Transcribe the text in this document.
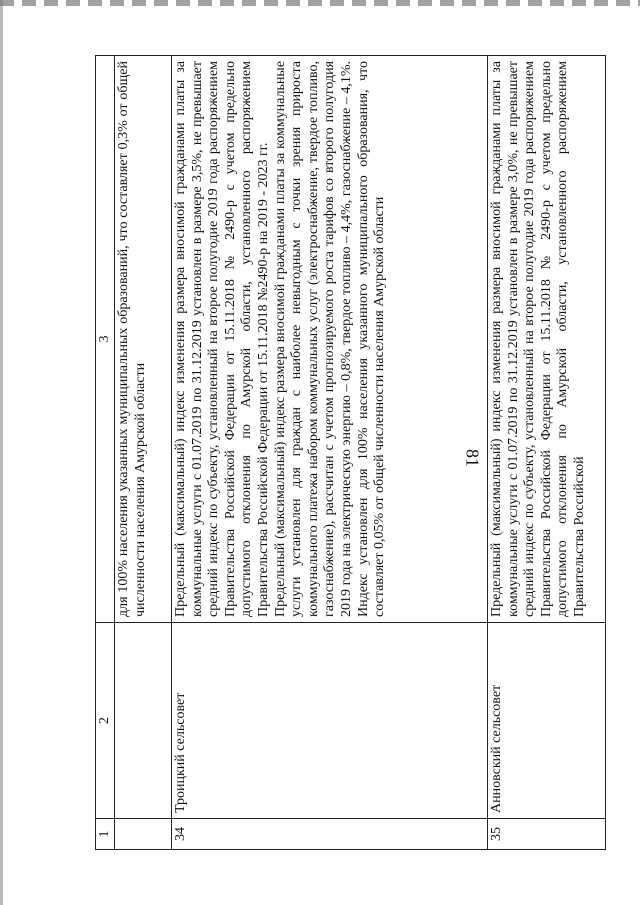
81
1	2	3

		для 100% населения указанных муниципальных образований, что составляет 0,3% от общей численности населения Амурской области

34	Троицкий сельсовет	Предельный (максимальный) индекс изменения размера вносимой гражданами платы за коммунальные услуги с 01.07.2019 по 31.12.2019 установлен в размере 3,5%, не превышает средний индекс по субъекту, установленный на второе полугодие 2019 года распоряжением Правительства Российской Федерации от 15.11.2018 № 2490-р с учетом предельно допустимого отклонения по Амурской области, установленного распоряжением Правительства Российской Федерации от 15.11.2018 №2490-р на 2019 - 2023 гг. Предельный (максимальный) индекс размера вносимой гражданами платы за коммунальные услуги установлен для граждан с наиболее невыгодным с точки зрения прироста коммунального платежа набором коммунальных услуг (электроснабжение, твердое топливо, газоснабжение), рассчитан с учетом прогнозируемого роста тарифов со второго полугодия 2019 года на электрическую энергию – 0,8%, твердое топливо – 4,4%, газоснабжение – 4,1%. Индекс установлен для 100% населения указанного муниципального образования, что составляет 0,05% от общей численности населения Амурской области

35	Анновский сельсовет	Предельный (максимальный) индекс изменения размера вносимой гражданами платы за коммунальные услуги с 01.07.2019 по 31.12.2019 установлен в размере 3,0%, не превышает средний индекс по субъекту, установленный на второе полугодие 2019 года распоряжением Правительства Российской Федерации от 15.11.2018 № 2490-р с учетом предельно допустимого отклонения по Амурской области, установленного распоряжением Правительства Российской
